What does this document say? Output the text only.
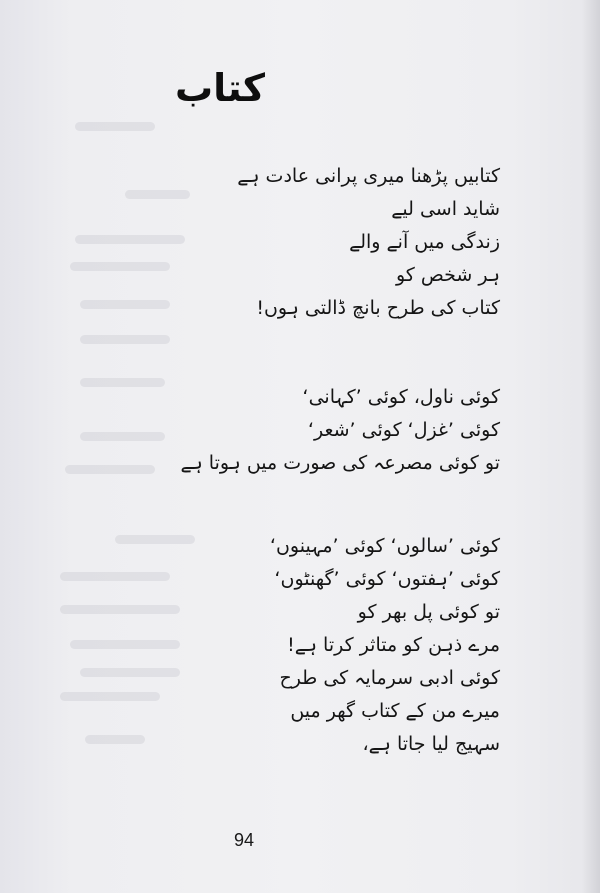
کتاب
کتابیں پڑھنا میری پرانی عادت ہے
شاید اسی لیے
زندگی میں آنے والے
ہر شخص کو
کتاب کی طرح بانچ ڈالتی ہوں!
کوئی ناول، کوئی ’کہانی‘
کوئی ’غزل‘ کوئی ’شعر‘
تو کوئی مصرعہ کی صورت میں ہوتا ہے
کوئی ’سالوں‘ کوئی ’مہینوں‘
کوئی ’ہفتوں‘ کوئی ’گھنٹوں‘
تو کوئی پل بھر کو
مرے ذہن کو متاثر کرتا ہے!
کوئی ادبی سرمایہ کی طرح
میرے من کے کتاب گھر میں
سہیج لیا جاتا ہے،
94
